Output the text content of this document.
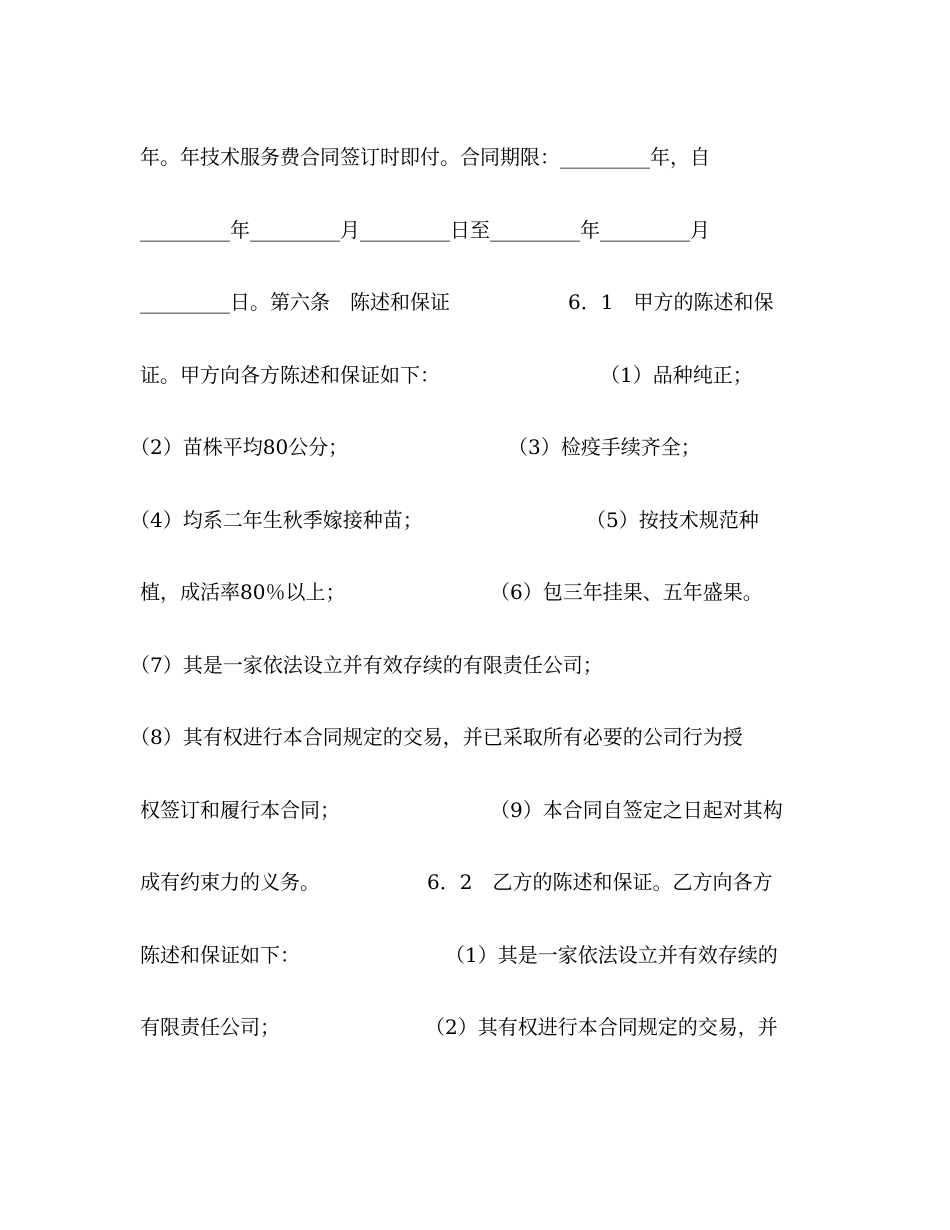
年。年技术服务费合同签订时即付。合同期限：_________年，自

_________年_________月_________日至_________年_________月

_________日。第六条　陈述和保证

	6．1　甲方的陈述和保

证。甲方向各方陈述和保证如下：

	（1）品种纯正；

（2）苗株平均80公分；

	（3）检疫手续齐全；

（4）均系二年生秋季嫁接种苗；

	（5）按技术规范种

植，成活率80％以上；

	（6）包三年挂果、五年盛果。

（7）其是一家依法设立并有效存续的有限责任公司；

（8）其有权进行本合同规定的交易，并已采取所有必要的公司行为授

权签订和履行本合同；

	（9）本合同自签定之日起对其构

成有约束力的义务。

	6．2　乙方的陈述和保证。乙方向各方

陈述和保证如下：

	（1）其是一家依法设立并有效存续的

有限责任公司；

	（2）其有权进行本合同规定的交易，并
